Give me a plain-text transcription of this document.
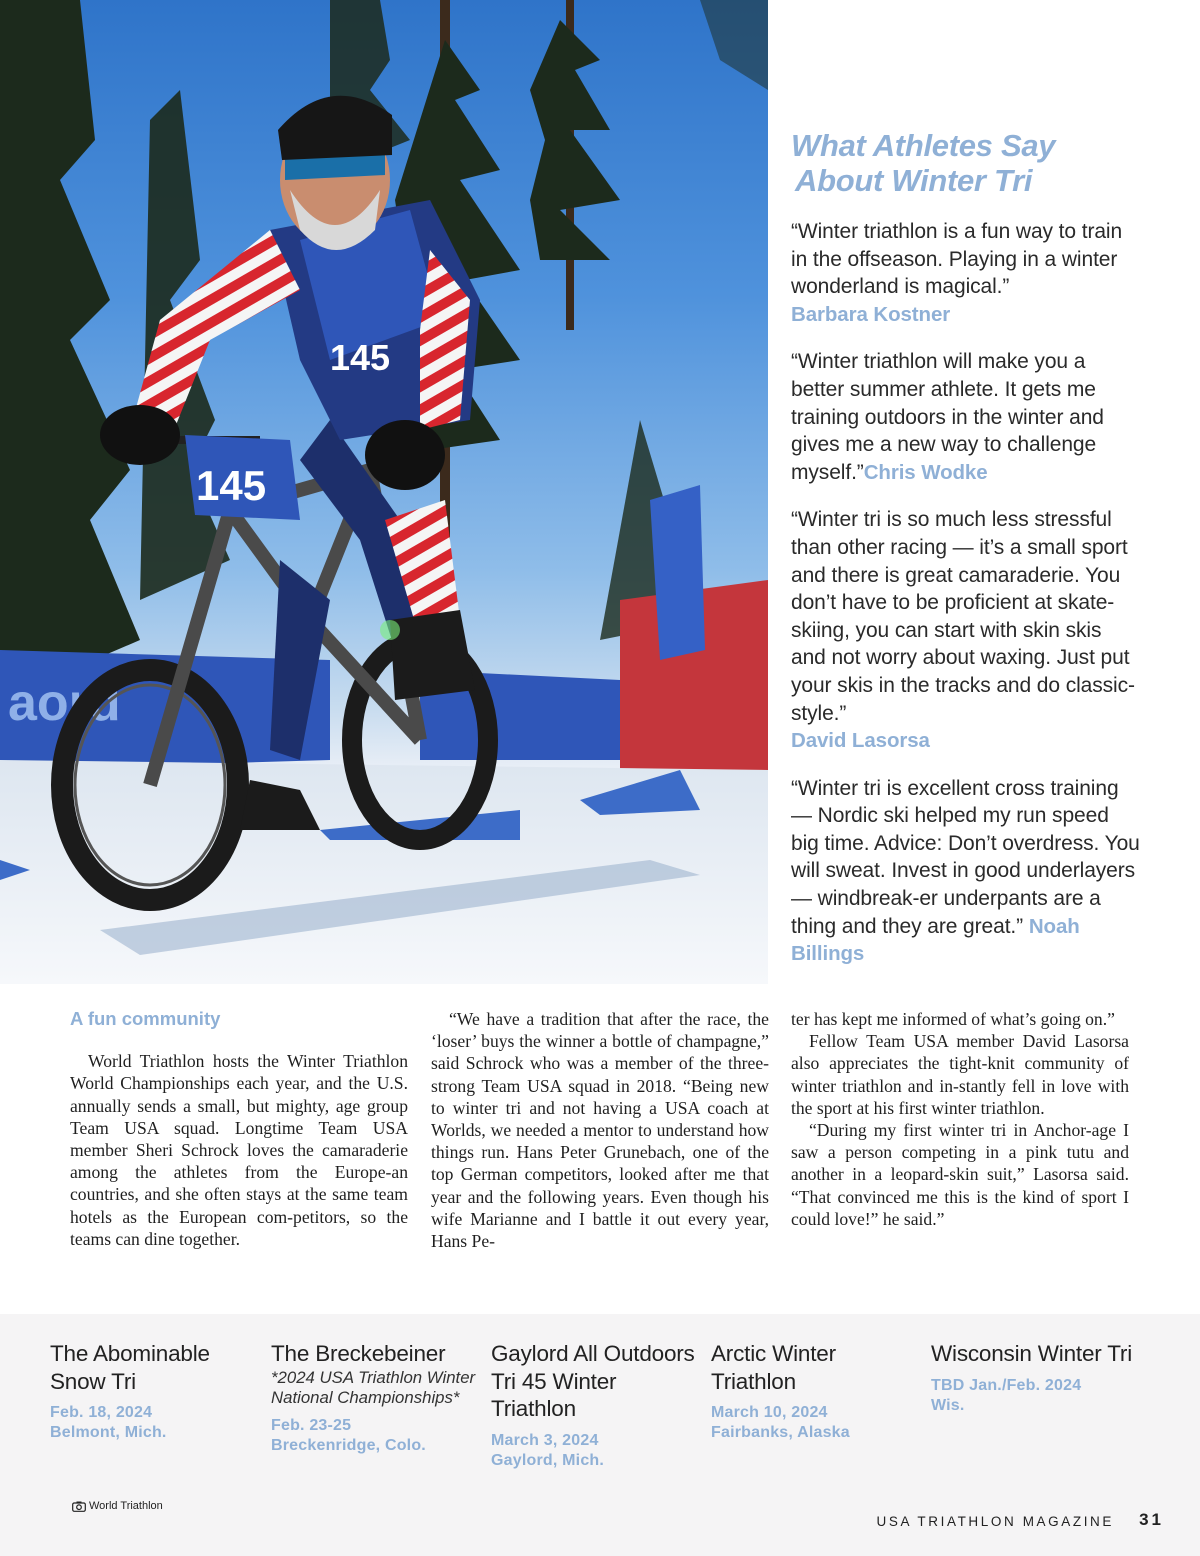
aord
145
145
What Athletes Say
About Winter Tri
“Winter triathlon is a fun way to train in the offseason. Playing in a winter wonderland is magical.”
Barbara Kostner
“Winter triathlon will make you a better summer athlete. It gets me training outdoors in the winter and gives me a new way to challenge myself.”Chris Wodke
“Winter tri is so much less stressful than other racing — it’s a small sport and there is great camaraderie. You don’t have to be proficient at skate-skiing, you can start with skin skis and not worry about waxing. Just put your skis in the tracks and do classic-style.”
David Lasorsa
“Winter tri is excellent cross training — Nordic ski helped my run speed big time. Advice: Don’t overdress. You will sweat. Invest in good underlayers — windbreak-er underpants are a thing and they are great.” Noah Billings
A fun community

World Triathlon hosts the Winter Triathlon World Championships each year, and the U.S. annually sends a small, but mighty, age group Team USA squad. Longtime Team USA member Sheri Schrock loves the camaraderie among the athletes from the Europe-an countries, and she often stays at the same team hotels as the European com-petitors, so the teams can dine together.

“We have a tradition that after the race, the ‘loser’ buys the winner a bottle of champagne,” said Schrock who was a member of the three-strong Team USA squad in 2018. “Being new to winter tri and not having a USA coach at Worlds, we needed a mentor to understand how things run. Hans Peter Grunebach, one of the top German competitors, looked after me that year and the following years. Even though his wife Marianne and I battle it out every year, Hans Pe-

ter has kept me informed of what’s going on.”

Fellow Team USA member David Lasorsa also appreciates the tight-knit community of winter triathlon and in-stantly fell in love with the sport at his first winter triathlon.

“During my first winter tri in Anchor-age I saw a person competing in a pink tutu and another in a leopard-skin suit,” Lasorsa said. “That convinced me this is the kind of sport I could love!” he said.”

The Abominable Snow Tri
Feb. 18, 2024
Belmont, Mich.
The Breckebeiner
*2024 USA Triathlon Winter National Championships*
Feb. 23-25
Breckenridge, Colo.
Gaylord All Outdoors Tri 45 Winter Triathlon
March 3, 2024
Gaylord, Mich.
Arctic Winter Triathlon
March 10, 2024
Fairbanks, Alaska
Wisconsin Winter Tri
TBD Jan./Feb. 2024
Wis.
World Triathlon
USA TRIATHLON MAGAZINE 31
